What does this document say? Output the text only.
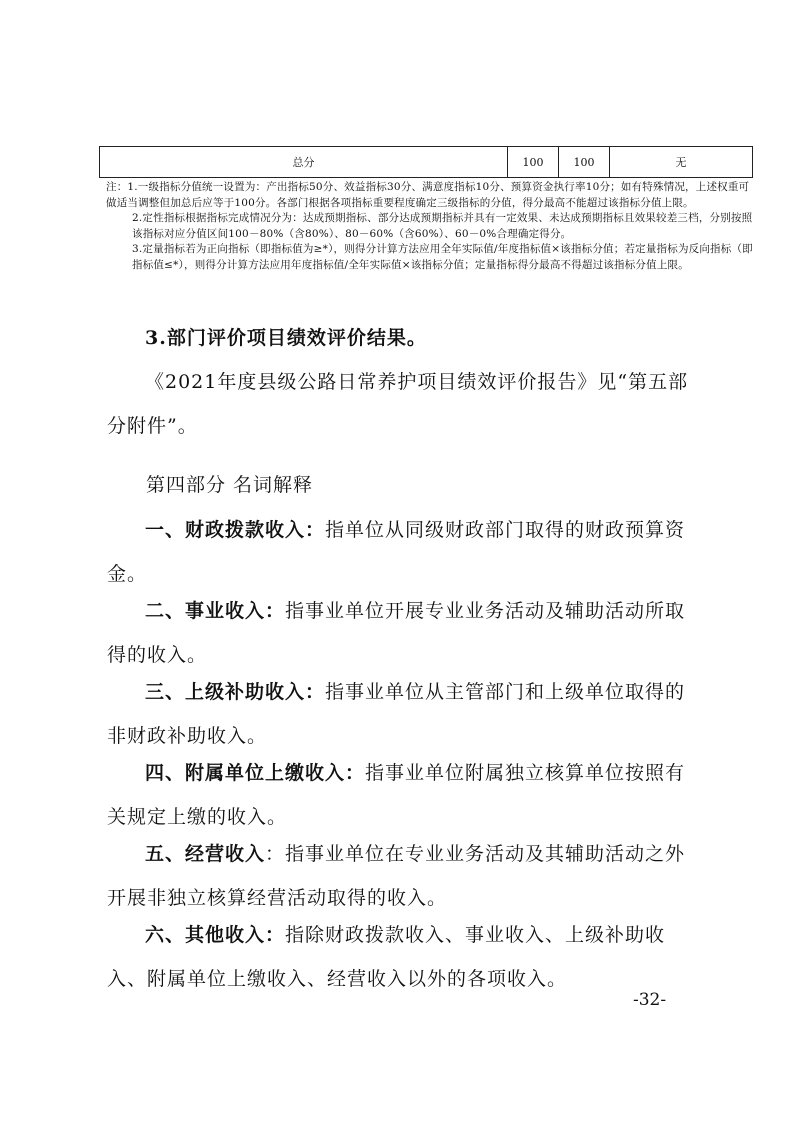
总分	100	100	无

注：1.一级指标分值统一设置为：产出指标50分、效益指标30分、满意度指标10分、预算资金执行率10分；如有特殊情况，上述权重可做适当调整但加总后应等于100分。各部门根据各项指标重要程度确定三级指标的分值，得分最高不能超过该指标分值上限。

2.定性指标根据指标完成情况分为：达成预期指标、部分达成预期指标并具有一定效果、未达成预期指标且效果较差三档，分别按照该指标对应分值区间100－80%（含80%）、80－60%（含60%）、60－0%合理确定得分。

3.定量指标若为正向指标（即指标值为≥*），则得分计算方法应用全年实际值/年度指标值×该指标分值；若定量指标为反向指标（即指标值≤*），则得分计算方法应用年度指标值/全年实际值×该指标分值；定量指标得分最高不得超过该指标分值上限。

3.部门评价项目绩效评价结果。
《2021年度县级公路日常养护项目绩效评价报告》见“第五部分附件”。

第四部分 名词解释

一、财政拨款收入：指单位从同级财政部门取得的财政预算资金。

二、事业收入：指事业单位开展专业业务活动及辅助活动所取得的收入。

三、上级补助收入：指事业单位从主管部门和上级单位取得的非财政补助收入。

四、附属单位上缴收入：指事业单位附属独立核算单位按照有关规定上缴的收入。

五、经营收入：指事业单位在专业业务活动及其辅助活动之外开展非独立核算经营活动取得的收入。

六、其他收入：指除财政拨款收入、事业收入、上级补助收入、附属单位上缴收入、经营收入以外的各项收入。

-32-
